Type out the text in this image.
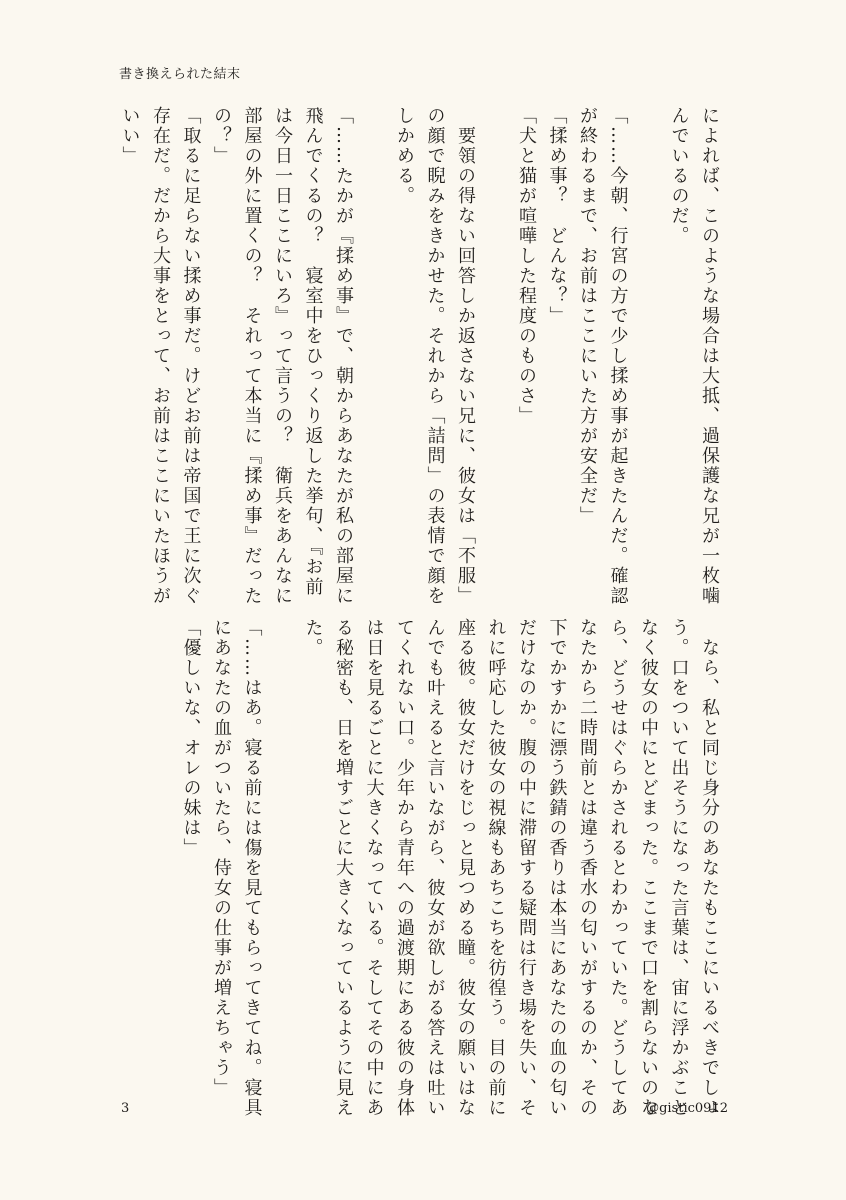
書き換えられた結末

によれば、このような場合は大抵、過保護な兄が一枚噛

んでいるのだ。

「……今朝、行宮の方で少し揉め事が起きたんだ。確認

が終わるまで、お前はここにいた方が安全だ」

「揉め事？　どんな？」

「犬と猫が喧嘩した程度のものさ」

　要領の得ない回答しか返さない兄に、彼女は「不服」

の顔で睨みをきかせた。それから「詰問」の表情で顔を

しかめる。

「……たかが『揉め事』で、朝からあなたが私の部屋に

飛んでくるの？　寝室中をひっくり返した挙句、『お前

は今日一日ここにいろ』って言うの？　衛兵をあんなに

部屋の外に置くの？　それって本当に『揉め事』だった

の？」

「取るに足らない揉め事だ。けどお前は帝国で王に次ぐ

存在だ。だから大事をとって、お前はここにいたほうが

いい」

　なら、私と同じ身分のあなたもここにいるべきでしょ

う。口をついて出そうになった言葉は、宙に浮かぶこと

なく彼女の中にとどまった。ここまで口を割らないのな

ら、どうせはぐらかされるとわかっていた。どうしてあ

なたから二時間前とは違う香水の匂いがするのか、その

下でかすかに漂う鉄錆の香りは本当にあなたの血の匂い

だけなのか。腹の中に滞留する疑問は行き場を失い、そ

れに呼応した彼女の視線もあちこちを彷徨う。目の前に

座る彼。彼女だけをじっと見つめる瞳。彼女の願いはな

んでも叶えると言いながら、彼女が欲しがる答えは吐い

てくれない口。少年から青年への過渡期にある彼の身体

は日を見るごとに大きくなっている。そしてその中にあ

る秘密も、日を増すごとに大きくなっているように見え

た。

「……はあ。寝る前には傷を見てもらってきてね。寝具

にあなたの血がついたら、侍女の仕事が増えちゃう」

「優しいな、オレの妹は」

3	@gistic0912
